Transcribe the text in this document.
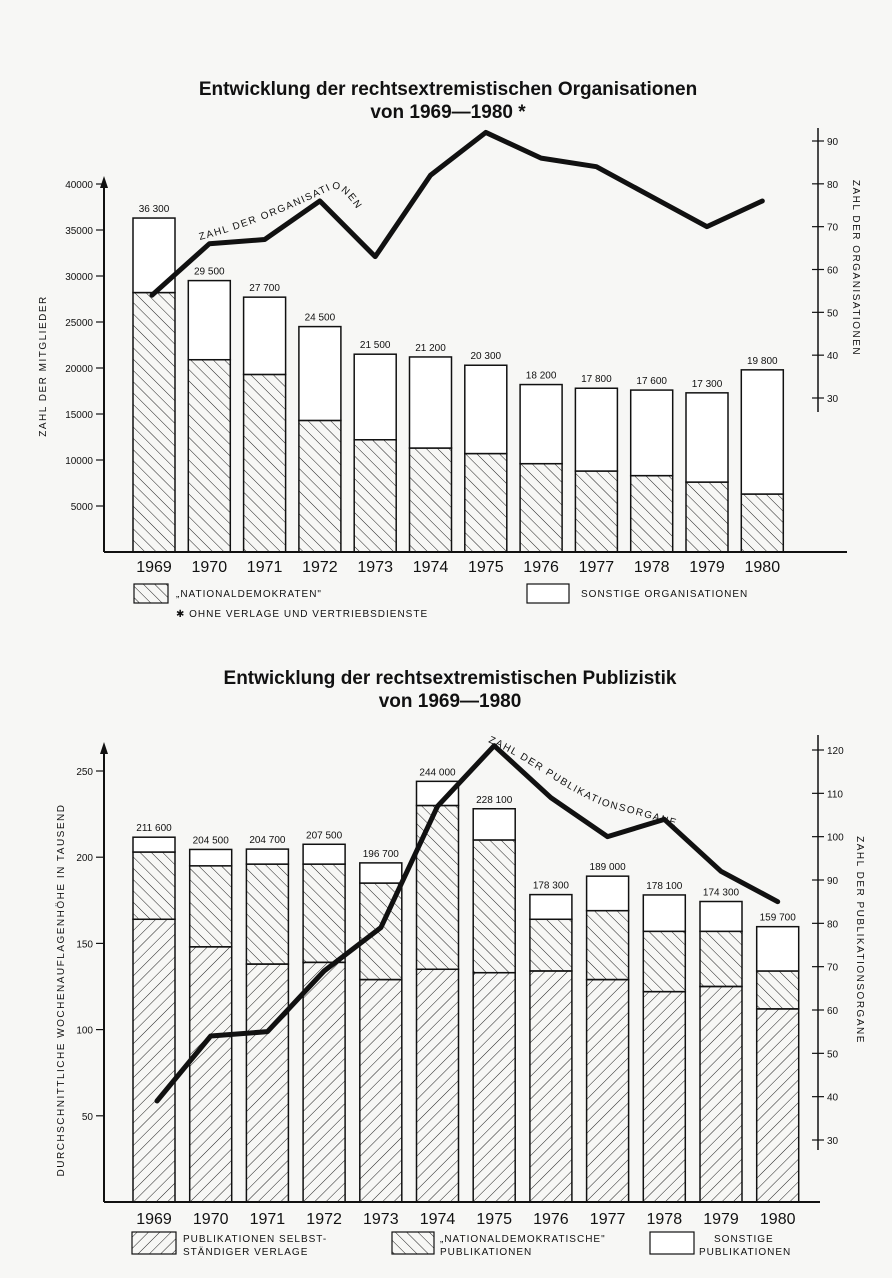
Entwicklung der rechtsextremistischen Organisationen
von 1969—1980 *
5000
10000
15000
20000
25000
30000
35000
40000
30
40
50
60
70
80
90
ZAHL DER MITGLIEDER
ZAHL DER ORGANISATIONEN
36 300
29 500
27 700
24 500
21 500 21 200
20 300
18 200 17 800 17 600 17 300
19 800
1969 1970 1971 1972 1973 1974 1975 1976 1977 1978 1979 1980
ZAHL DER ORGANISATIONEN
„NATIONALDEMOKRATEN"	SONSTIGE ORGANISATIONEN
✱ OHNE VERLAGE UND VERTRIEBSDIENSTE
Entwicklung der rechtsextremistischen Publizistik
von 1969—1980
50
100
150
200
250
30
40
50
60
70
80
90
100
110
120
DURCHSCHNITTLICHE WOCHENAUFLAGENHÖHE IN TAUSEND	ZAHL DER PUBLIKATIONSORGANE
211 600
204 500 204 700 207 500
196 700
244 000
228 100
178 300
189 000
178 100
174 300
159 700
1969 1970 1971 1972 1973 1974 1975 1976 1977 1978 1979 1980
ZAHL DER PUBLIKATIONSORGANE
PUBLIKATIONEN SELBST-
STÄNDIGER VERLAGE
„NATIONALDEMOKRATISCHE"
PUBLIKATIONEN
SONSTIGE
PUBLIKATIONEN
